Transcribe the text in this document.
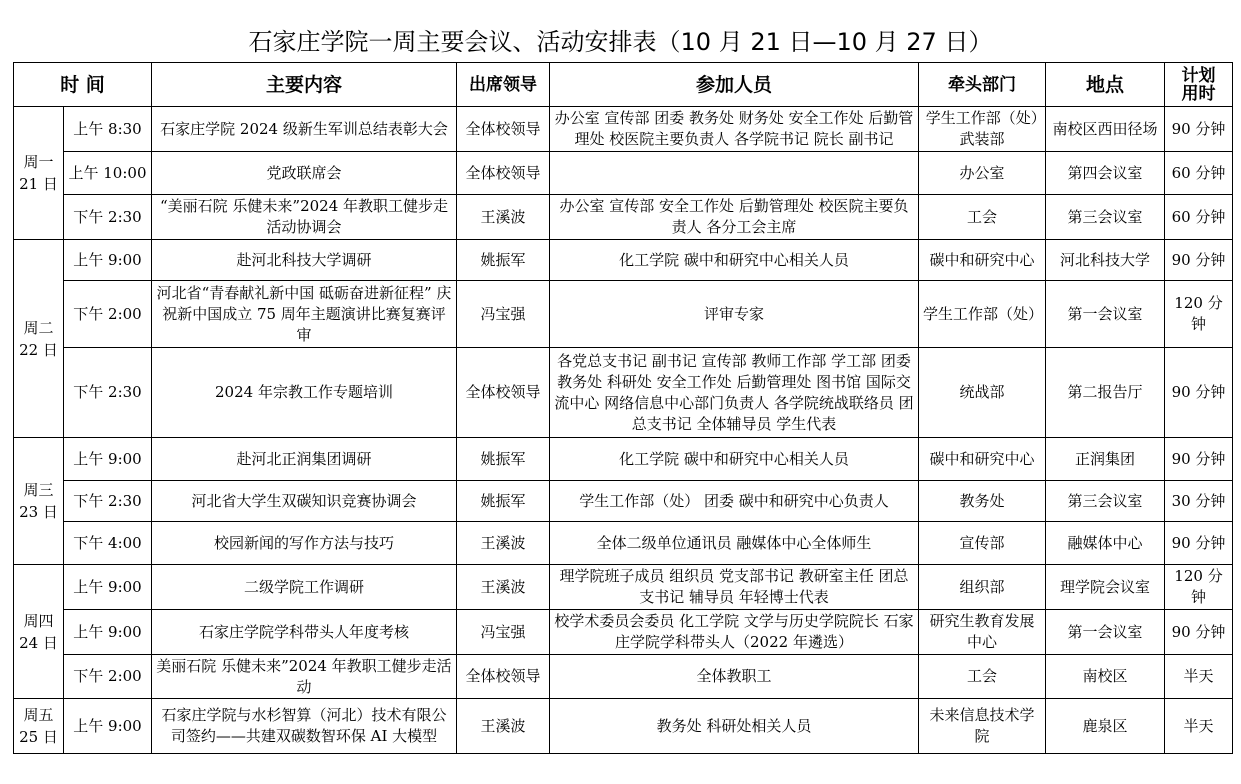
石家庄学院一周主要会议、活动安排表（10 月 21 日—10 月 27 日）
时 间		主要内容	出席领导	参加人员	牵头部门	地点	计划
用时
周一
21 日	上午 8:30	石家庄学院 2024 级新生军训总结表彰大会	全体校领导	办公室 宣传部 团委 教务处 财务处 安全工作处 后勤管理处 校医院主要负责人 各学院书记 院长 副书记	学生工作部（处）武装部	南校区西田径场	90 分钟
	上午 10:00	党政联席会	全体校领导		办公室	第四会议室	60 分钟
	下午 2:30	“美丽石院 乐健未来”2024 年教职工健步走活动协调会	王溪波	办公室 宣传部 安全工作处 后勤管理处 校医院主要负责人 各分工会主席	工会	第三会议室	60 分钟
周二
22 日	上午 9:00	赴河北科技大学调研	姚振军	化工学院 碳中和研究中心相关人员	碳中和研究中心	河北科技大学	90 分钟
	下午 2:00	河北省“青春献礼新中国 砥砺奋进新征程” 庆祝新中国成立 75 周年主题演讲比赛复赛评审	冯宝强	评审专家	学生工作部（处）	第一会议室	120 分钟
	下午 2:30	2024 年宗教工作专题培训	全体校领导	各党总支书记 副书记 宣传部 教师工作部 学工部 团委 教务处 科研处 安全工作处 后勤管理处 图书馆 国际交流中心 网络信息中心部门负责人 各学院统战联络员 团总支书记 全体辅导员 学生代表	统战部	第二报告厅	90 分钟
周三
23 日	上午 9:00	赴河北正润集团调研	姚振军	化工学院 碳中和研究中心相关人员	碳中和研究中心	正润集团	90 分钟
	下午 2:30	河北省大学生双碳知识竞赛协调会	姚振军	学生工作部（处） 团委 碳中和研究中心负责人	教务处	第三会议室	30 分钟
	下午 4:00	校园新闻的写作方法与技巧	王溪波	全体二级单位通讯员 融媒体中心全体师生	宣传部	融媒体中心	90 分钟
周四
24 日	上午 9:00	二级学院工作调研	王溪波	理学院班子成员 组织员 党支部书记 教研室主任 团总支书记 辅导员 年轻博士代表	组织部	理学院会议室	120 分钟
	上午 9:00	石家庄学院学科带头人年度考核	冯宝强	校学术委员会委员 化工学院 文学与历史学院院长 石家庄学院学科带头人（2022 年遴选）	研究生教育发展中心	第一会议室	90 分钟
	下午 2:00	美丽石院 乐健未来”2024 年教职工健步走活动	全体校领导	全体教职工	工会	南校区	半天
周五
25 日	上午 9:00	石家庄学院与水杉智算（河北）技术有限公司签约——共建双碳数智环保 AI 大模型	王溪波	教务处 科研处相关人员	未来信息技术学院	鹿泉区	半天
